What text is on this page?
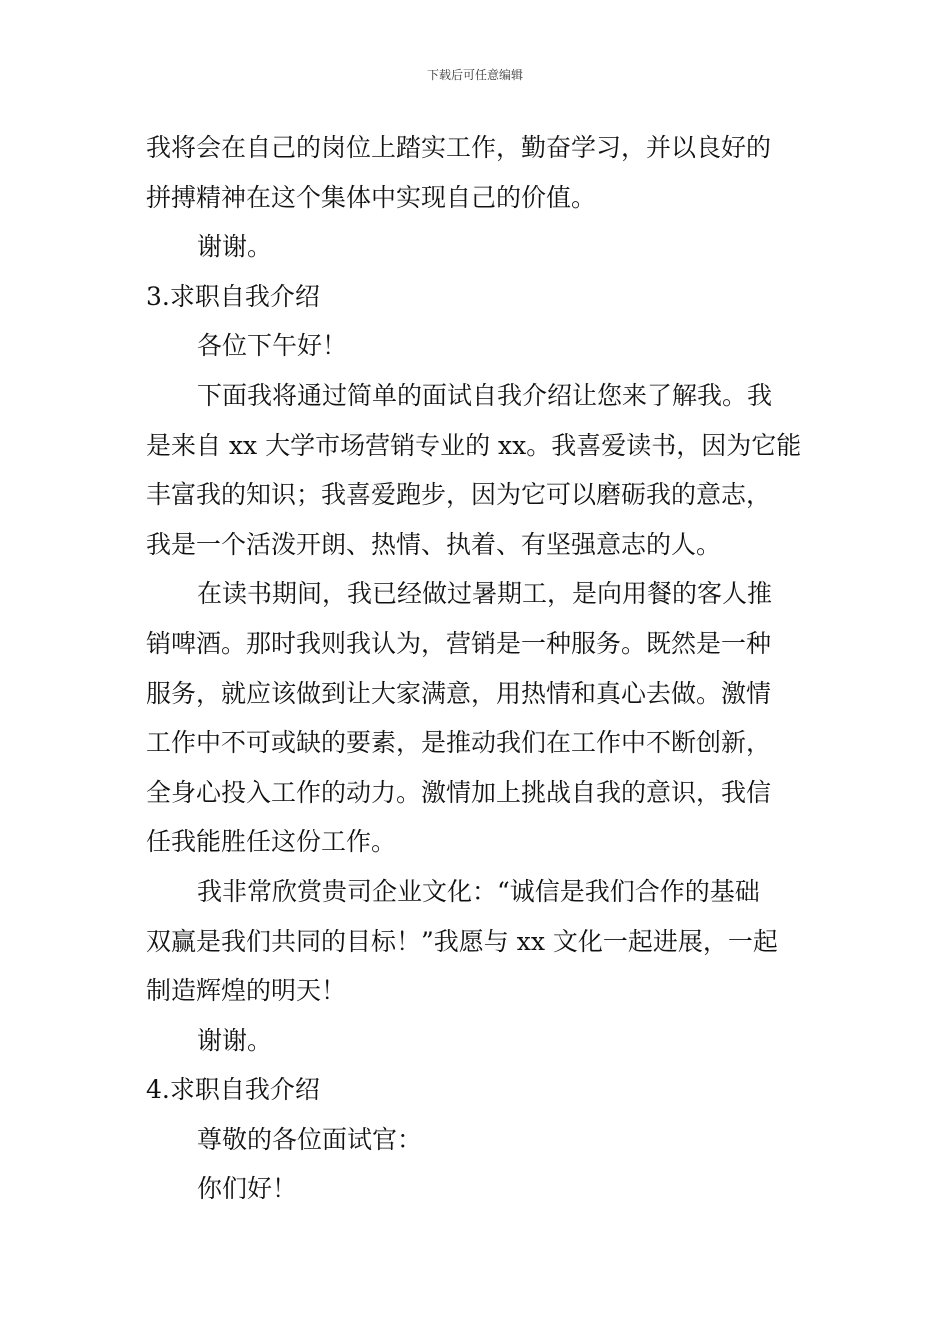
下载后可任意编辑

我将会在自己的岗位上踏实工作，勤奋学习，并以良好的

拼搏精神在这个集体中实现自己的价值。

谢谢。

3.求职自我介绍

各位下午好！

下面我将通过简单的面试自我介绍让您来了解我。我

是来自 xx 大学市场营销专业的 xx。我喜爱读书，因为它能

丰富我的知识；我喜爱跑步，因为它可以磨砺我的意志，

我是一个活泼开朗、热情、执着、有坚强意志的人。

在读书期间，我已经做过暑期工，是向用餐的客人推

销啤酒。那时我则我认为，营销是一种服务。既然是一种

服务，就应该做到让大家满意，用热情和真心去做。激情

工作中不可或缺的要素，是推动我们在工作中不断创新，

全身心投入工作的动力。激情加上挑战自我的意识，我信

任我能胜任这份工作。

我非常欣赏贵司企业文化：“诚信是我们合作的基础

双赢是我们共同的目标！”我愿与 xx 文化一起进展，一起

制造辉煌的明天！

谢谢。

4.求职自我介绍

尊敬的各位面试官：

你们好！
